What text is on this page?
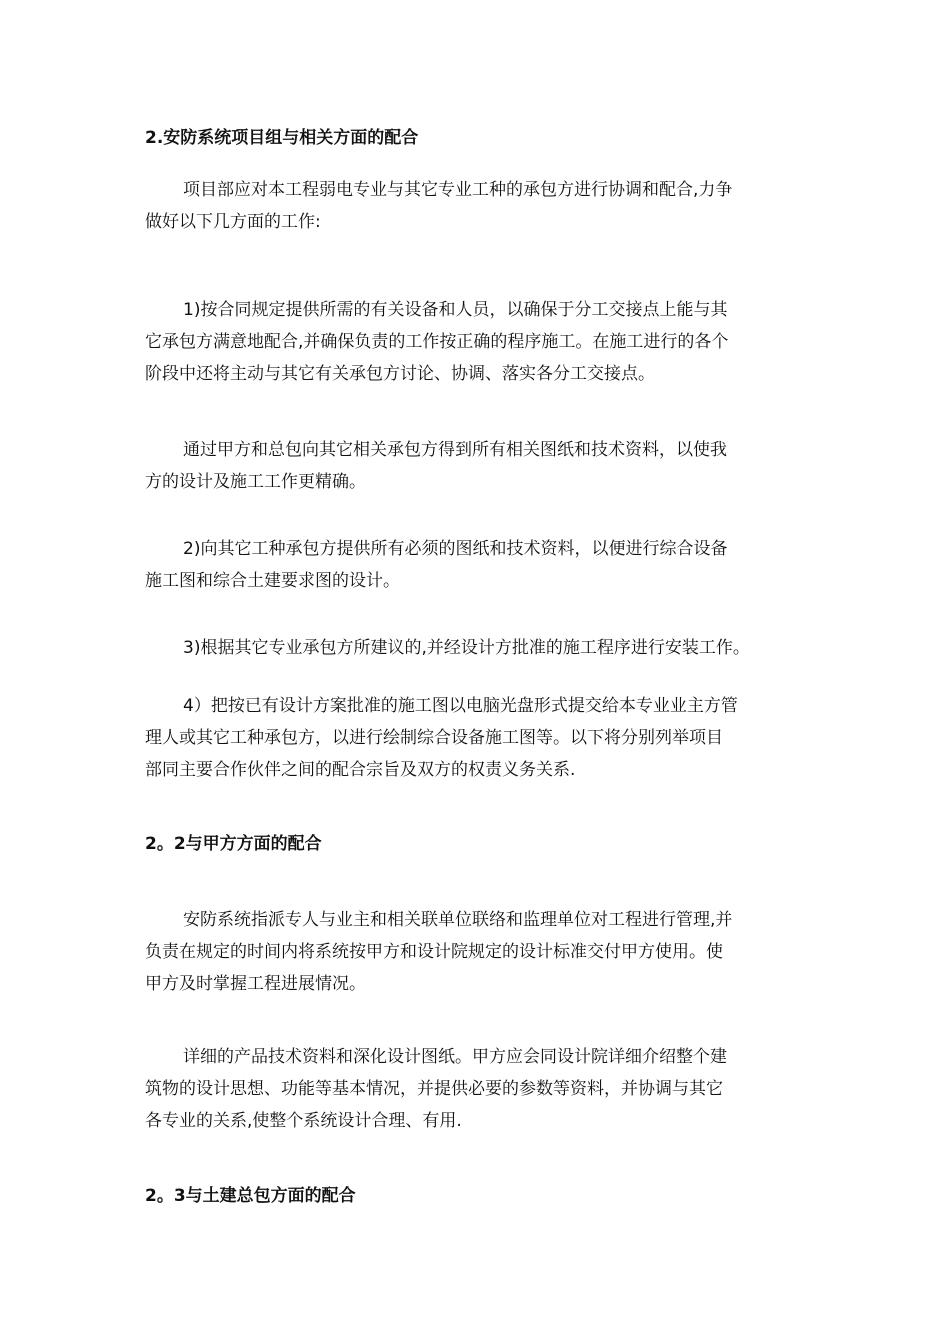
2.安防系统项目组与相关方面的配合
项目部应对本工程弱电专业与其它专业工种的承包方进行协调和配合,力争
做好以下几方面的工作:
1)按合同规定提供所需的有关设备和人员，以确保于分工交接点上能与其
它承包方满意地配合,并确保负责的工作按正确的程序施工。在施工进行的各个
阶段中还将主动与其它有关承包方讨论、协调、落实各分工交接点。
通过甲方和总包向其它相关承包方得到所有相关图纸和技术资料，以使我
方的设计及施工工作更精确。
2)向其它工种承包方提供所有必须的图纸和技术资料，以便进行综合设备
施工图和综合土建要求图的设计。
3)根据其它专业承包方所建议的,并经设计方批准的施工程序进行安装工作。
4）把按已有设计方案批准的施工图以电脑光盘形式提交给本专业业主方管
理人或其它工种承包方，以进行绘制综合设备施工图等。以下将分别列举项目
部同主要合作伙伴之间的配合宗旨及双方的权责义务关系.
2。2与甲方方面的配合
安防系统指派专人与业主和相关联单位联络和监理单位对工程进行管理,并
负责在规定的时间内将系统按甲方和设计院规定的设计标准交付甲方使用。使
甲方及时掌握工程进展情况。
详细的产品技术资料和深化设计图纸。甲方应会同设计院详细介绍整个建
筑物的设计思想、功能等基本情况，并提供必要的参数等资料，并协调与其它
各专业的关系,使整个系统设计合理、有用.
2。3与土建总包方面的配合
